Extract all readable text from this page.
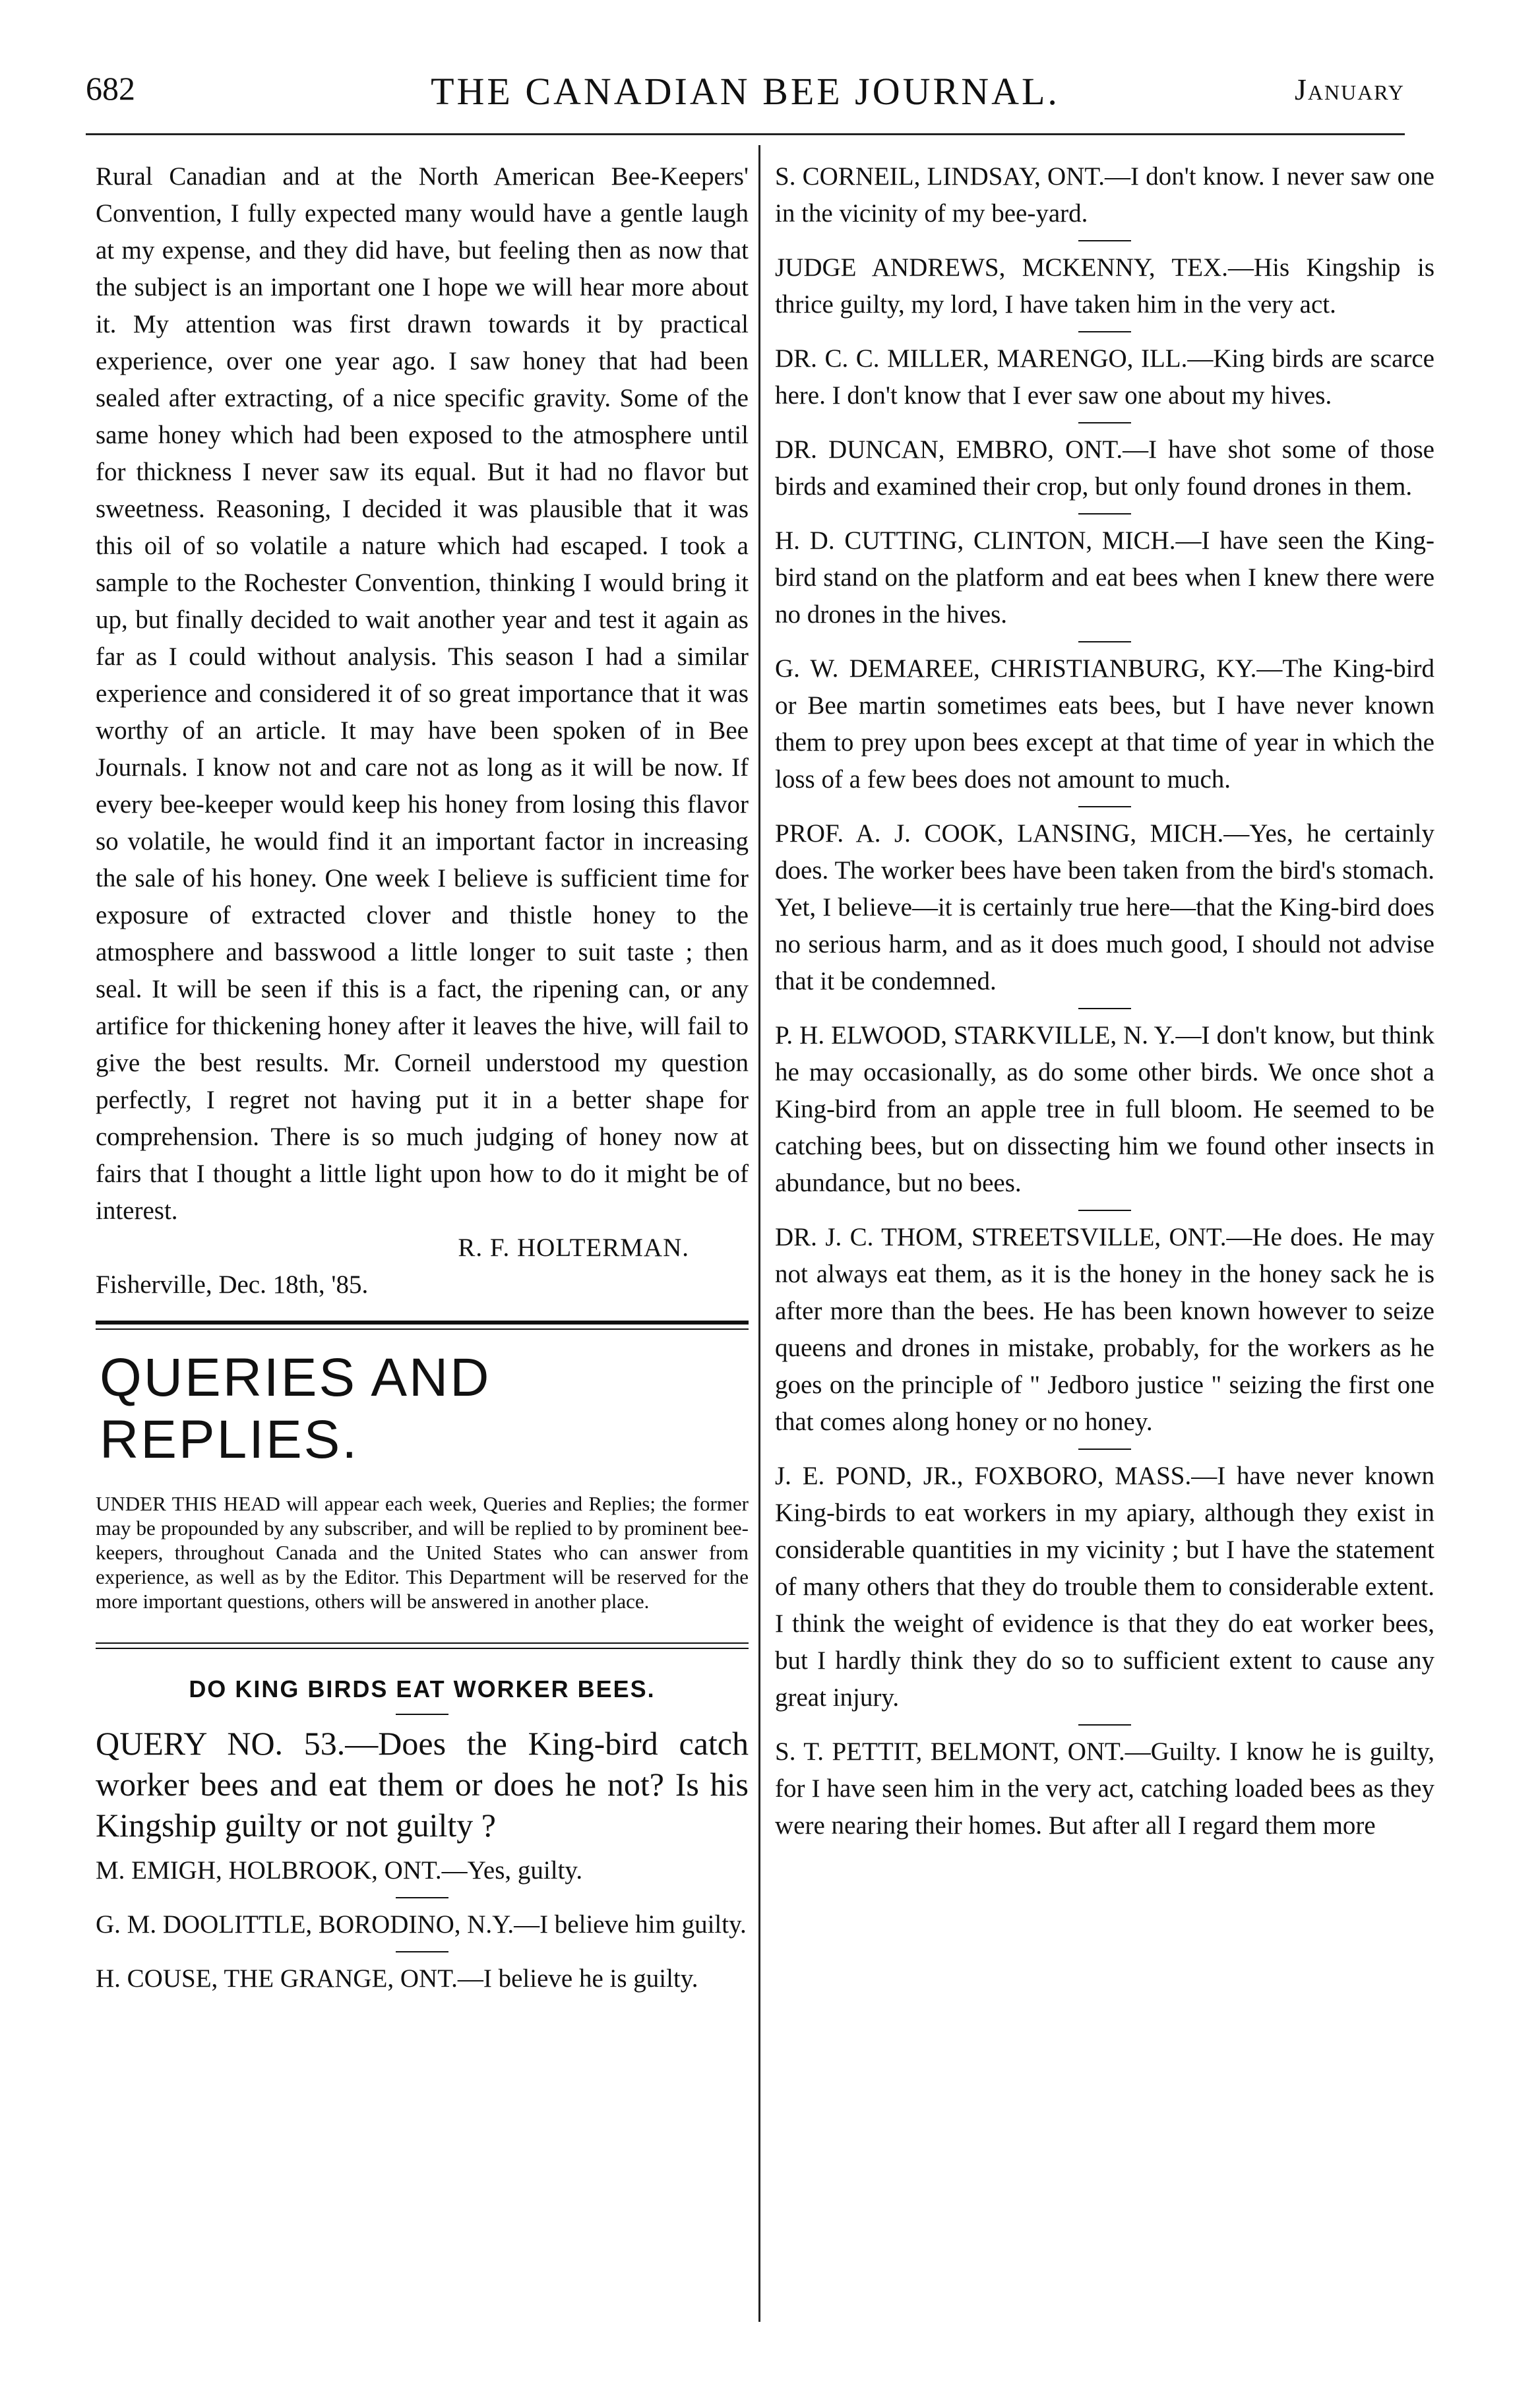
682	THE CANADIAN BEE JOURNAL.	January

Rural Canadian and at the North American Bee-Keepers' Convention, I fully expected many would have a gentle laugh at my expense, and they did have, but feeling then as now that the subject is an important one I hope we will hear more about it. My attention was first drawn towards it by practical experience, over one year ago. I saw honey that had been sealed after extracting, of a nice specific gravity. Some of the same honey which had been exposed to the atmosphere until for thickness I never saw its equal. But it had no flavor but sweetness. Reasoning, I decided it was plausible that it was this oil of so volatile a nature which had escaped. I took a sample to the Rochester Convention, thinking I would bring it up, but finally decided to wait another year and test it again as far as I could without analysis. This season I had a similar experience and considered it of so great importance that it was worthy of an article. It may have been spoken of in Bee Journals. I know not and care not as long as it will be now. If every bee-keeper would keep his honey from losing this flavor so volatile, he would find it an important factor in increasing the sale of his honey. One week I believe is sufficient time for exposure of extracted clover and thistle honey to the atmosphere and basswood a little longer to suit taste ; then seal. It will be seen if this is a fact, the ripening can, or any artifice for thickening honey after it leaves the hive, will fail to give the best results. Mr. Corneil understood my question perfectly, I regret not having put it in a better shape for comprehension. There is so much judging of honey now at fairs that I thought a little light upon how to do it might be of interest.

R. F. HOLTERMAN.

Fisherville, Dec. 18th, '85.

QUERIES AND REPLIES.

UNDER THIS HEAD will appear each week, Queries and Replies; the former may be propounded by any subscriber, and will be replied to by prominent bee-keepers, throughout Canada and the United States who can answer from experience, as well as by the Editor. This Department will be reserved for the more important questions, others will be answered in another place.

DO KING BIRDS EAT WORKER BEES.

QUERY NO. 53.—Does the King-bird catch worker bees and eat them or does he not? Is his Kingship guilty or not guilty ?

M. EMIGH, HOLBROOK, ONT.—Yes, guilty.

G. M. DOOLITTLE, BORODINO, N.Y.—I believe him guilty.

H. COUSE, THE GRANGE, ONT.—I believe he is guilty.

S. CORNEIL, LINDSAY, ONT.—I don't know. I never saw one in the vicinity of my bee-yard.

JUDGE ANDREWS, MCKENNY, TEX.—His Kingship is thrice guilty, my lord, I have taken him in the very act.

DR. C. C. MILLER, MARENGO, ILL.—King birds are scarce here. I don't know that I ever saw one about my hives.

DR. DUNCAN, EMBRO, ONT.—I have shot some of those birds and examined their crop, but only found drones in them.

H. D. CUTTING, CLINTON, MICH.—I have seen the King-bird stand on the platform and eat bees when I knew there were no drones in the hives.

G. W. DEMAREE, CHRISTIANBURG, KY.—The King-bird or Bee martin sometimes eats bees, but I have never known them to prey upon bees except at that time of year in which the loss of a few bees does not amount to much.

PROF. A. J. COOK, LANSING, MICH.—Yes, he certainly does. The worker bees have been taken from the bird's stomach. Yet, I believe—it is certainly true here—that the King-bird does no serious harm, and as it does much good, I should not advise that it be condemned.

P. H. ELWOOD, STARKVILLE, N. Y.—I don't know, but think he may occasionally, as do some other birds. We once shot a King-bird from an apple tree in full bloom. He seemed to be catching bees, but on dissecting him we found other insects in abundance, but no bees.

DR. J. C. THOM, STREETSVILLE, ONT.—He does. He may not always eat them, as it is the honey in the honey sack he is after more than the bees. He has been known however to seize queens and drones in mistake, probably, for the workers as he goes on the principle of " Jedboro justice " seizing the first one that comes along honey or no honey.

J. E. POND, JR., FOXBORO, MASS.—I have never known King-birds to eat workers in my apiary, although they exist in considerable quantities in my vicinity ; but I have the statement of many others that they do trouble them to considerable extent. I think the weight of evidence is that they do eat worker bees, but I hardly think they do so to sufficient extent to cause any great injury.

S. T. PETTIT, BELMONT, ONT.—Guilty. I know he is guilty, for I have seen him in the very act, catching loaded bees as they were nearing their homes. But after all I regard them more
